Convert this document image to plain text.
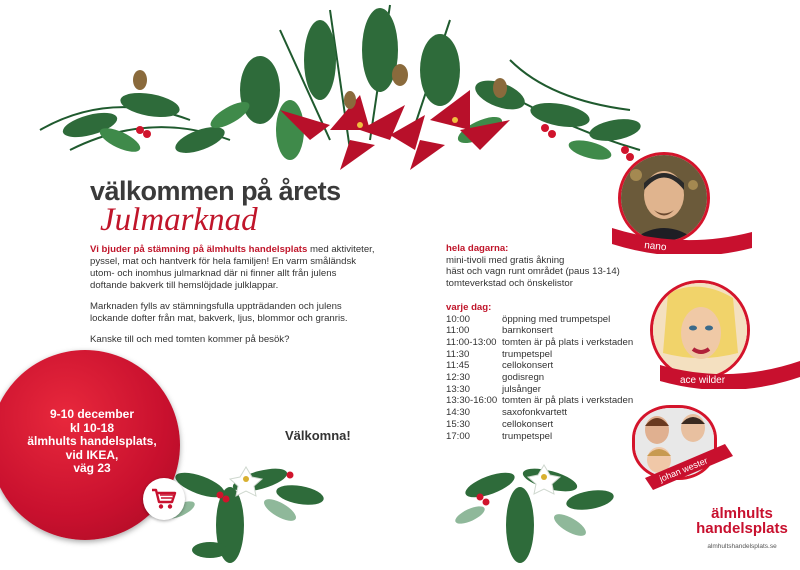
välkommen på årets
Julmarknad

Vi bjuder på stämning på älmhults handelsplats med aktiviteter, pyssel, mat och hantverk för hela familjen! En varm småländsk utom- och inomhus julmarknad där ni finner allt från julens doftande bakverk till hemslöjdade julklappar.

Marknaden fylls av stämningsfulla uppträdanden och julens lockande dofter från mat, bakverk, ljus, blommor och granris.

Kanske till och med tomten kommer på besök?

Välkomna!
9-10 december
kl 10-18
älmhults handelsplats,
vid IKEA,
väg 23
hela dagarna:
mini-tivoli med gratis åkning
häst och vagn runt området (paus 13-14)
tomteverkstad och önskelistor
varje dag:
10:00	öppning med trumpetspel
11:00	barnkonsert
11:00-13:00 tomten är på plats i verkstaden
11:30	trumpetspel
11:45	cellokonsert
12:30	godisregn
13:30	julsånger
13:30-16:00 tomten är på plats i verkstaden
14:30	saxofonkvartett
15:30	cellokonsert
17:00	trumpetspel
nano
ace wilder
johan wester
älmhults
handelsplats
almhultshandelsplats.se
